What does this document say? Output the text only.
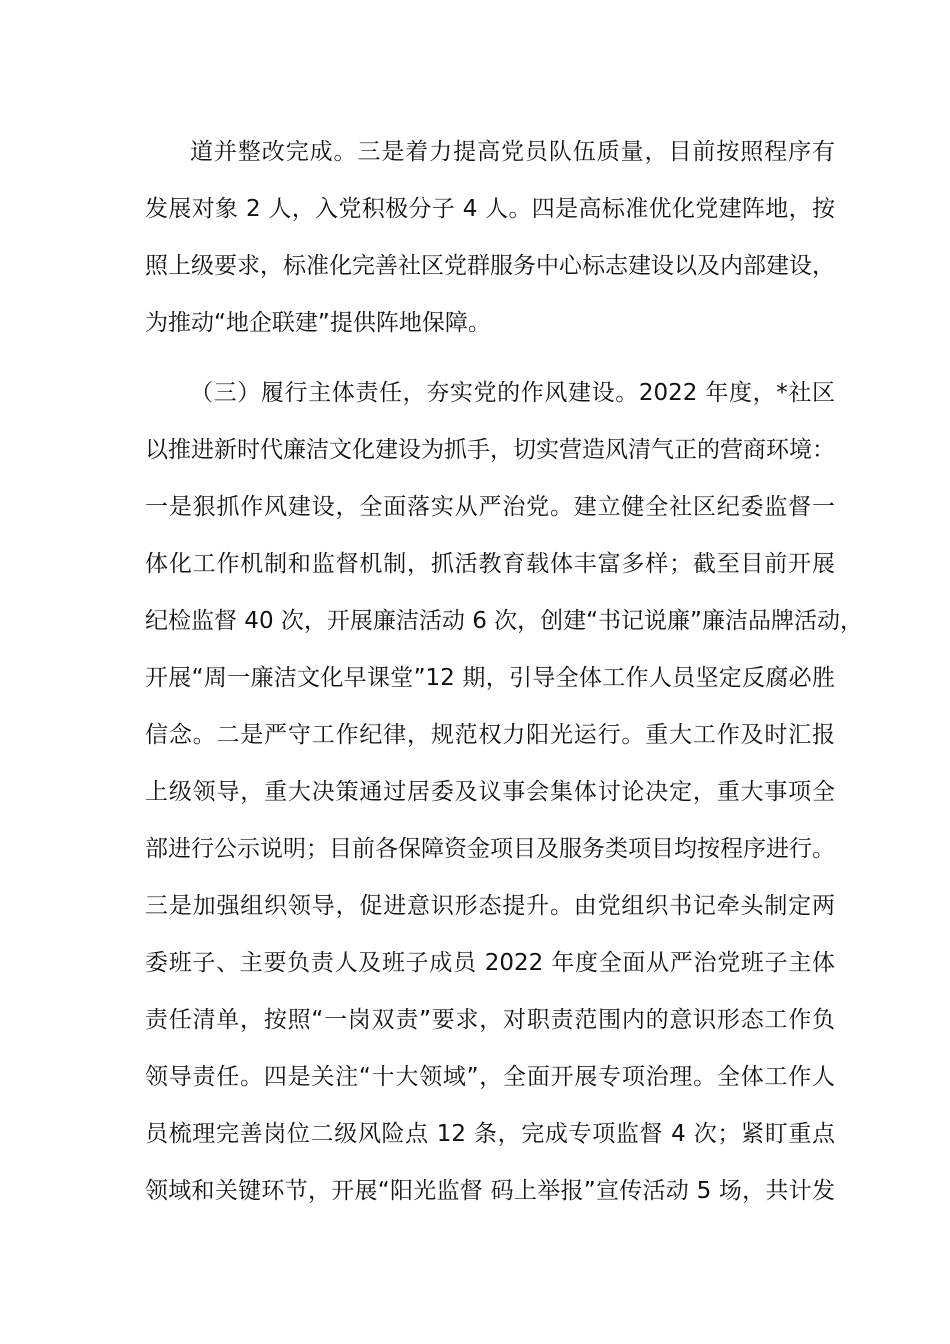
道并整改完成。三是着力提高党员队伍质量，目前按照程序有
发展对象 2 人，入党积极分子 4 人。四是高标准优化党建阵地，按
照上级要求，标准化完善社区党群服务中心标志建设以及内部建设，
为推动“地企联建”提供阵地保障。
（三）履行主体责任，夯实党的作风建设。2022 年度，*社区
以推进新时代廉洁文化建设为抓手，切实营造风清气正的营商环境：
一是狠抓作风建设，全面落实从严治党。建立健全社区纪委监督一
体化工作机制和监督机制，抓活教育载体丰富多样；截至目前开展
纪检监督 40 次，开展廉洁活动 6 次，创建“书记说廉”廉洁品牌活动，
开展“周一廉洁文化早课堂”12 期，引导全体工作人员坚定反腐必胜
信念。二是严守工作纪律，规范权力阳光运行。重大工作及时汇报
上级领导，重大决策通过居委及议事会集体讨论决定，重大事项全
部进行公示说明；目前各保障资金项目及服务类项目均按程序进行。
三是加强组织领导，促进意识形态提升。由党组织书记牵头制定两
委班子、主要负责人及班子成员 2022 年度全面从严治党班子主体
责任清单，按照“一岗双责”要求，对职责范围内的意识形态工作负
领导责任。四是关注“十大领域”，全面开展专项治理。全体工作人
员梳理完善岗位二级风险点 12 条，完成专项监督 4 次；紧盯重点
领域和关键环节，开展“阳光监督 码上举报”宣传活动 5 场，共计发
